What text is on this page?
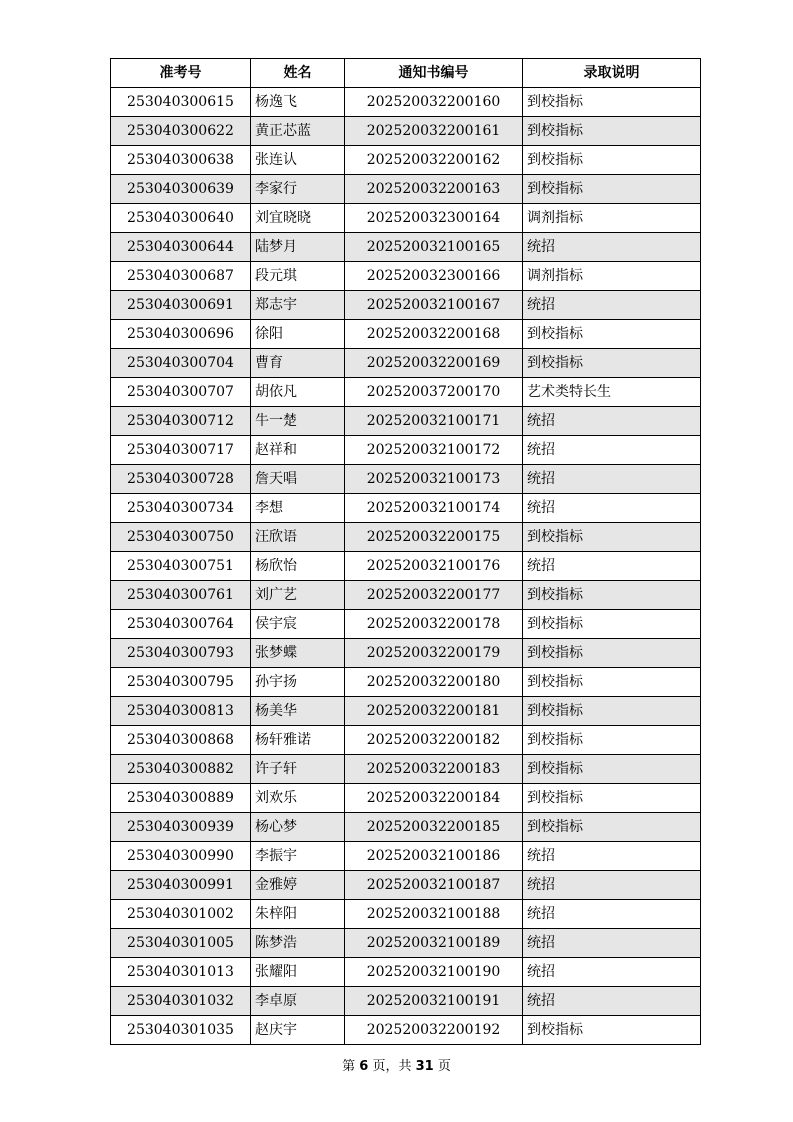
准考号	姓名	通知书编号	录取说明
253040300615	杨逸飞	202520032200160	到校指标
253040300622	黄正芯蓝	202520032200161	到校指标
253040300638	张连认	202520032200162	到校指标
253040300639	李家行	202520032200163	到校指标
253040300640	刘宜晓晓	202520032300164	调剂指标
253040300644	陆梦月	202520032100165	统招
253040300687	段元琪	202520032300166	调剂指标
253040300691	郑志宇	202520032100167	统招
253040300696	徐阳	202520032200168	到校指标
253040300704	曹育	202520032200169	到校指标
253040300707	胡依凡	202520037200170	艺术类特长生
253040300712	牛一楚	202520032100171	统招
253040300717	赵祥和	202520032100172	统招
253040300728	詹天唱	202520032100173	统招
253040300734	李想	202520032100174	统招
253040300750	汪欣语	202520032200175	到校指标
253040300751	杨欣怡	202520032100176	统招
253040300761	刘广艺	202520032200177	到校指标
253040300764	侯宇宸	202520032200178	到校指标
253040300793	张梦蝶	202520032200179	到校指标
253040300795	孙宇扬	202520032200180	到校指标
253040300813	杨美华	202520032200181	到校指标
253040300868	杨轩雅诺	202520032200182	到校指标
253040300882	许子轩	202520032200183	到校指标
253040300889	刘欢乐	202520032200184	到校指标
253040300939	杨心梦	202520032200185	到校指标
253040300990	李振宇	202520032100186	统招
253040300991	金雅婷	202520032100187	统招
253040301002	朱梓阳	202520032100188	统招
253040301005	陈梦浩	202520032100189	统招
253040301013	张耀阳	202520032100190	统招
253040301032	李卓原	202520032100191	统招
253040301035	赵庆宇	202520032200192	到校指标
第 6 页，共 31 页
